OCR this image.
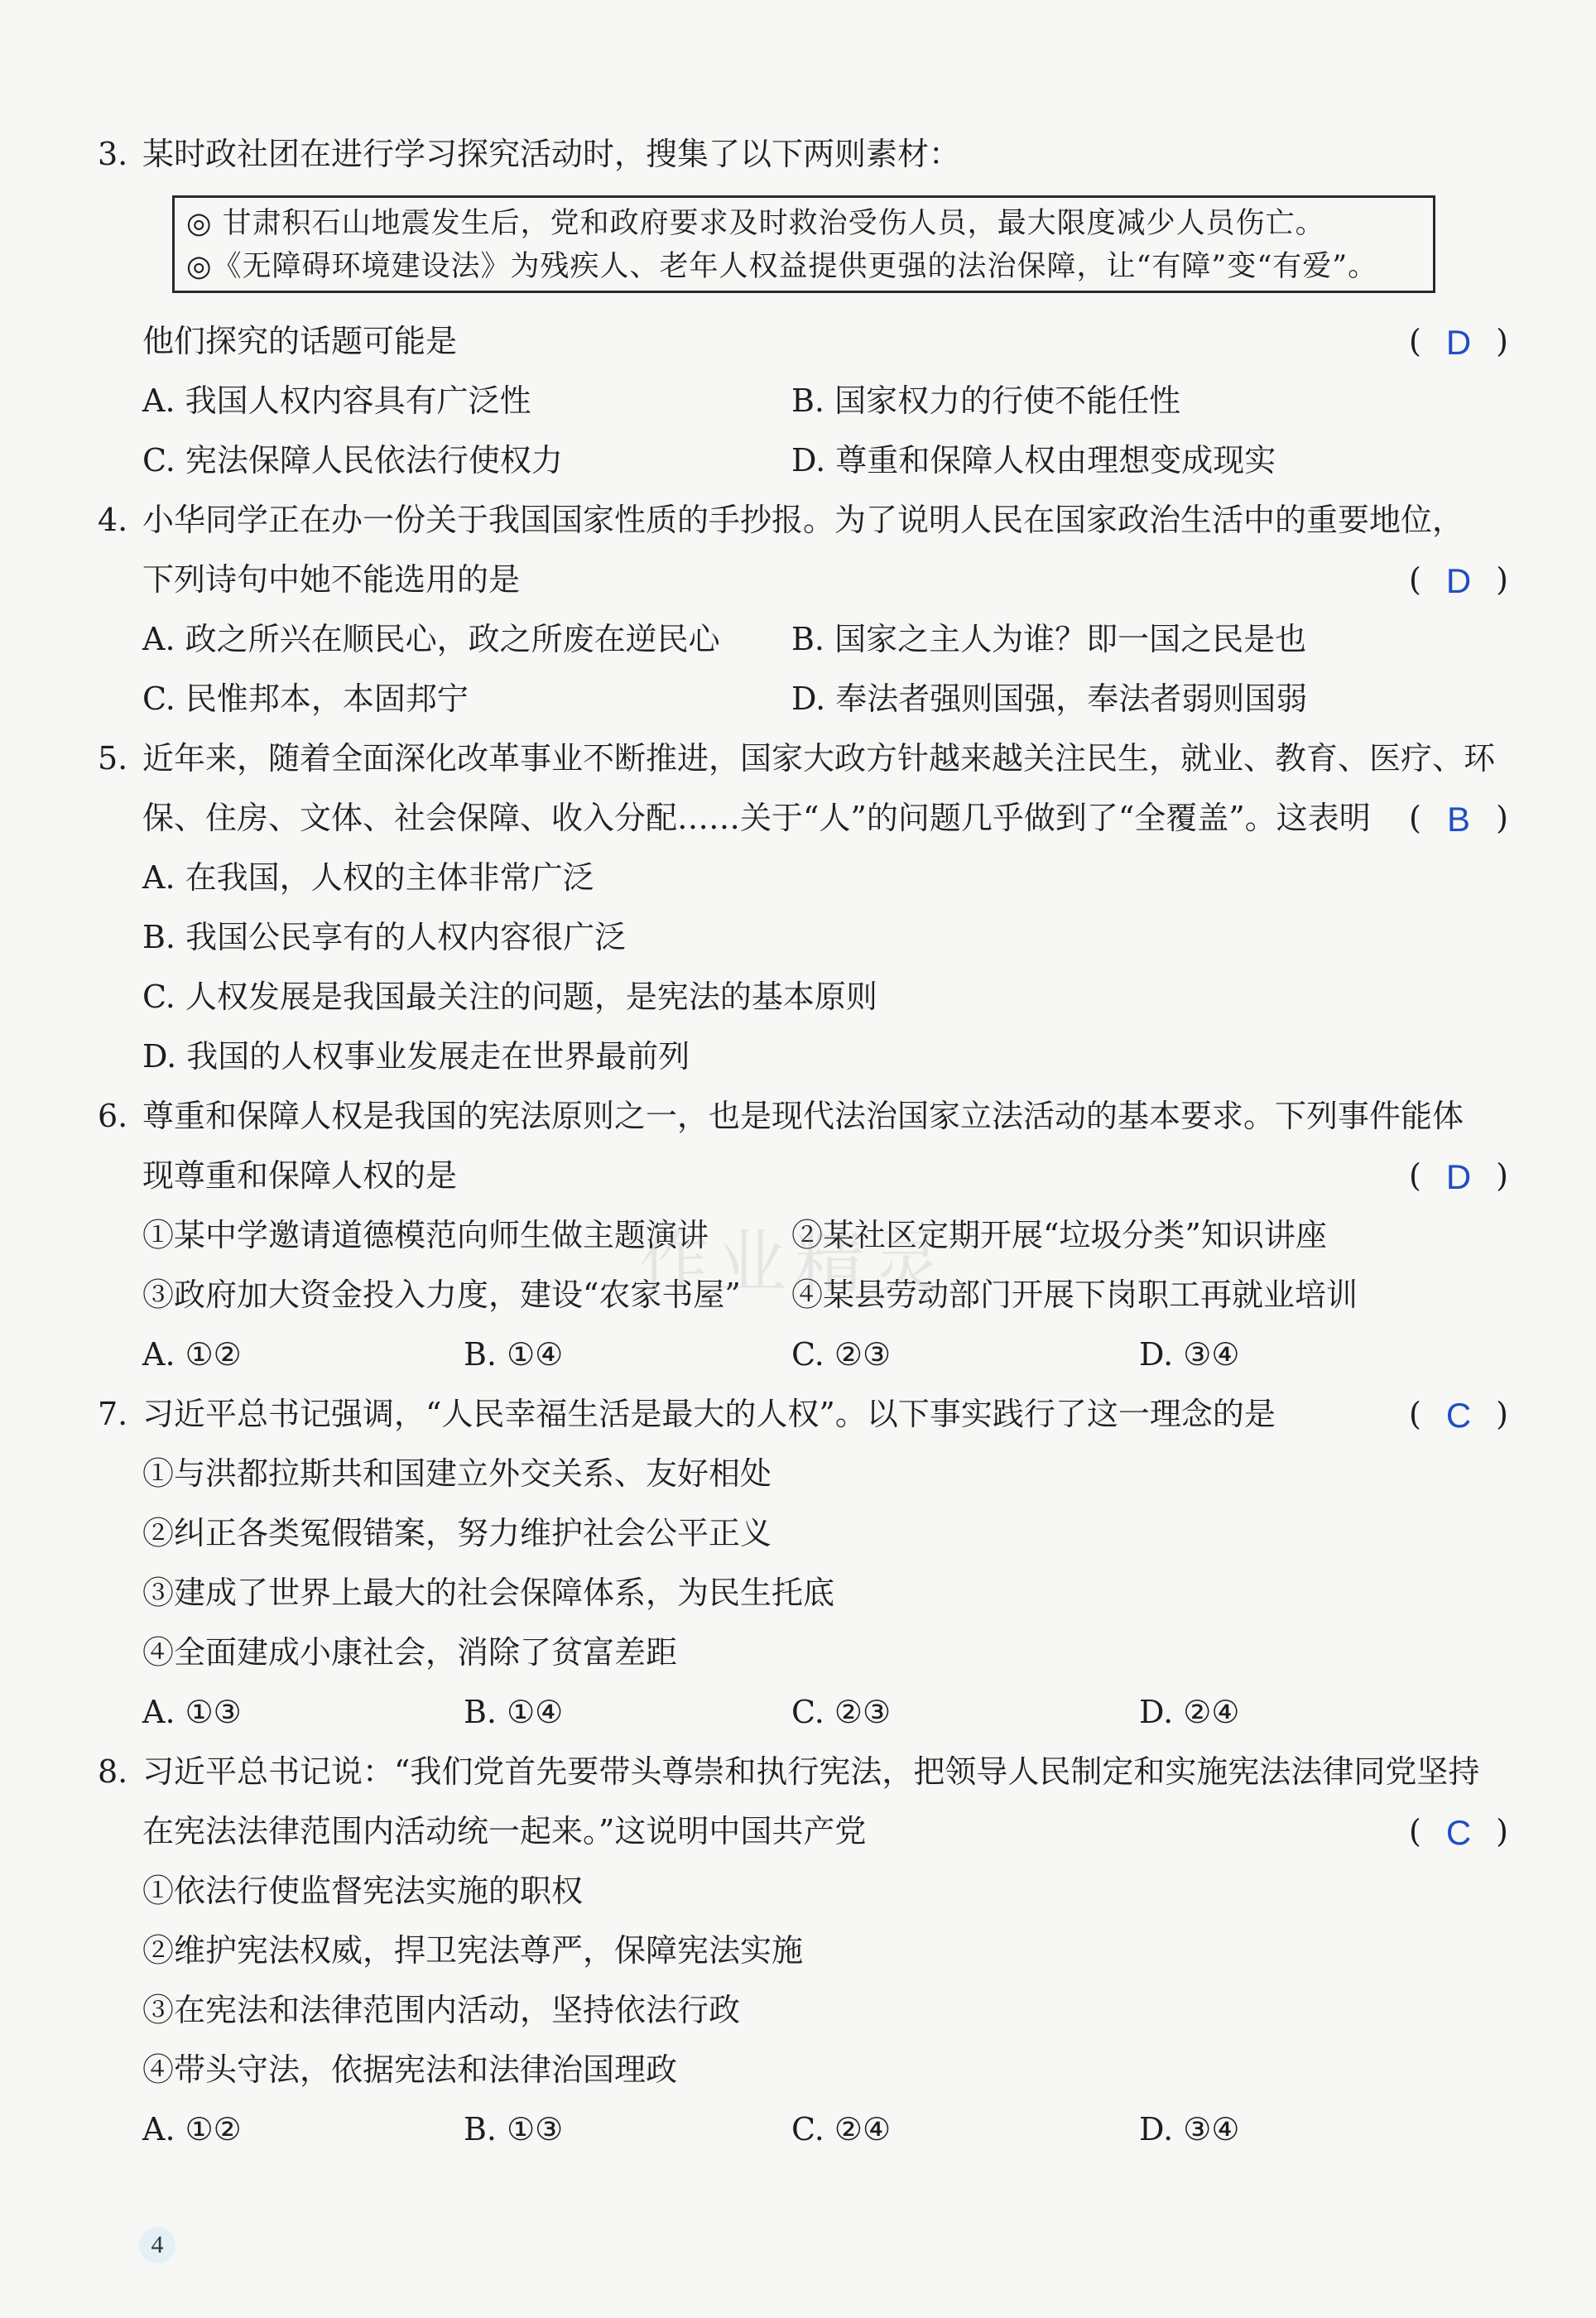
3. 某时政社团在进行学习探究活动时，搜集了以下两则素材：
◎ 甘肃积石山地震发生后，党和政府要求及时救治受伤人员，最大限度减少人员伤亡。
◎《无障碍环境建设法》为残疾人、老年人权益提供更强的法治保障，让“有障”变“有爱”。
他们探究的话题可能是	( D )
A. 我国人权内容具有广泛性	B. 国家权力的行使不能任性
C. 宪法保障人民依法行使权力	D. 尊重和保障人权由理想变成现实
4. 小华同学正在办一份关于我国国家性质的手抄报。为了说明人民在国家政治生活中的重要地位，
下列诗句中她不能选用的是	( D )
A. 政之所兴在顺民心，政之所废在逆民心 B. 国家之主人为谁？即一国之民是也
C. 民惟邦本，本固邦宁	D. 奉法者强则国强，奉法者弱则国弱
5. 近年来，随着全面深化改革事业不断推进，国家大政方针越来越关注民生，就业、教育、医疗、环
保、住房、文体、社会保障、收入分配……关于“人”的问题几乎做到了“全覆盖”。这表明 ( B )
A. 在我国，人权的主体非常广泛
B. 我国公民享有的人权内容很广泛
C. 人权发展是我国最关注的问题，是宪法的基本原则
D. 我国的人权事业发展走在世界最前列
6. 尊重和保障人权是我国的宪法原则之一，也是现代法治国家立法活动的基本要求。下列事件能体
现尊重和保障人权的是	( D )
①某中学邀请道德模范向师生做主题演讲	②某社区定期开展“垃圾分类”知识讲座
③政府加大资金投入力度，建设“农家书屋” ④某县劳动部门开展下岗职工再就业培训
A. ①②	B. ①④	C. ②③	D. ③④
7. 习近平总书记强调，“人民幸福生活是最大的人权”。以下事实践行了这一理念的是	( C )
①与洪都拉斯共和国建立外交关系、友好相处
②纠正各类冤假错案，努力维护社会公平正义
③建成了世界上最大的社会保障体系，为民生托底
④全面建成小康社会，消除了贫富差距
A. ①③	B. ①④	C. ②③	D. ②④
8. 习近平总书记说：“我们党首先要带头尊崇和执行宪法，把领导人民制定和实施宪法法律同党坚持
在宪法法律范围内活动统一起来。”这说明中国共产党	( C )
①依法行使监督宪法实施的职权
②维护宪法权威，捍卫宪法尊严，保障宪法实施
③在宪法和法律范围内活动，坚持依法行政
④带头守法，依据宪法和法律治国理政
A. ①②	B. ①③	C. ②④	D. ③④
作业精灵
4
